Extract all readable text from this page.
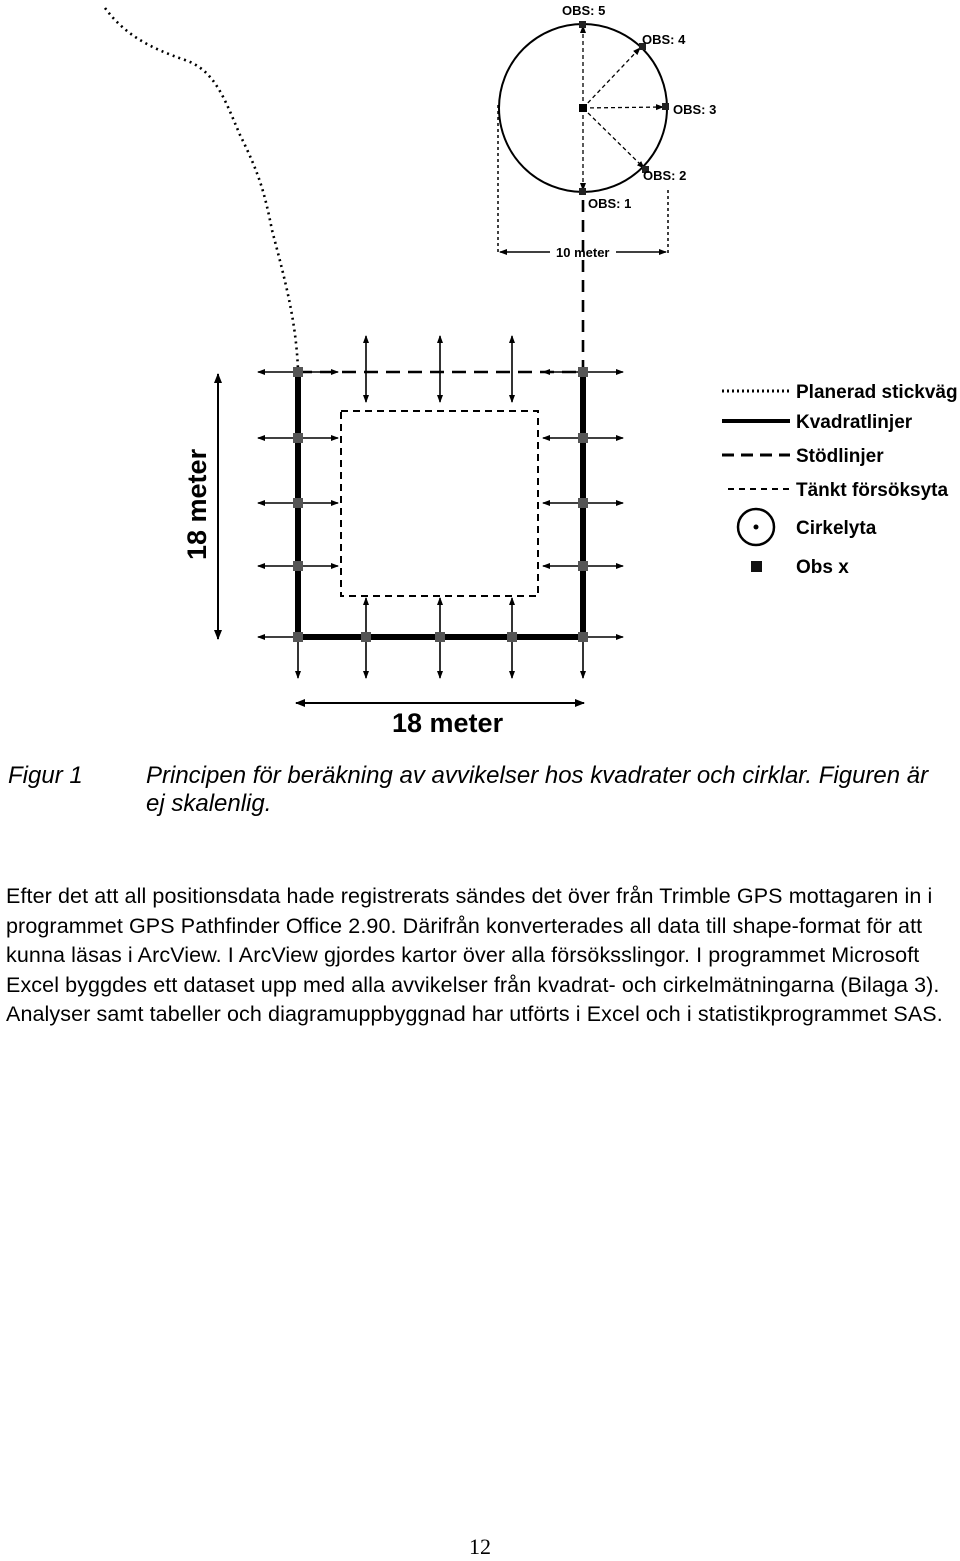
OBS: 5
OBS: 4
OBS: 3
OBS: 2
OBS: 1
10 meter
18 meter
18 meter
Planerad stickväg
Kvadratlinjer
Stödlinjer
Tänkt försöksyta
Cirkelyta
Obs x
Figur 1	Principen för beräkning av avvikelser hos kvadrater och cirklar. Figuren är ej skalenlig.

Efter det att all positionsdata hade registrerats sändes det över från Trimble GPS mottagaren in i programmet GPS Pathfinder Office 2.90. Därifrån konverterades all data till shape-format för att kunna läsas i ArcView. I ArcView gjordes kartor över alla försöksslingor. I programmet Microsoft Excel byggdes ett dataset upp med alla avvikelser från kvadrat- och cirkelmätningarna (Bilaga 3). Analyser samt tabeller och diagramuppbyggnad har utförts i Excel och i statistikprogrammet SAS.

12
